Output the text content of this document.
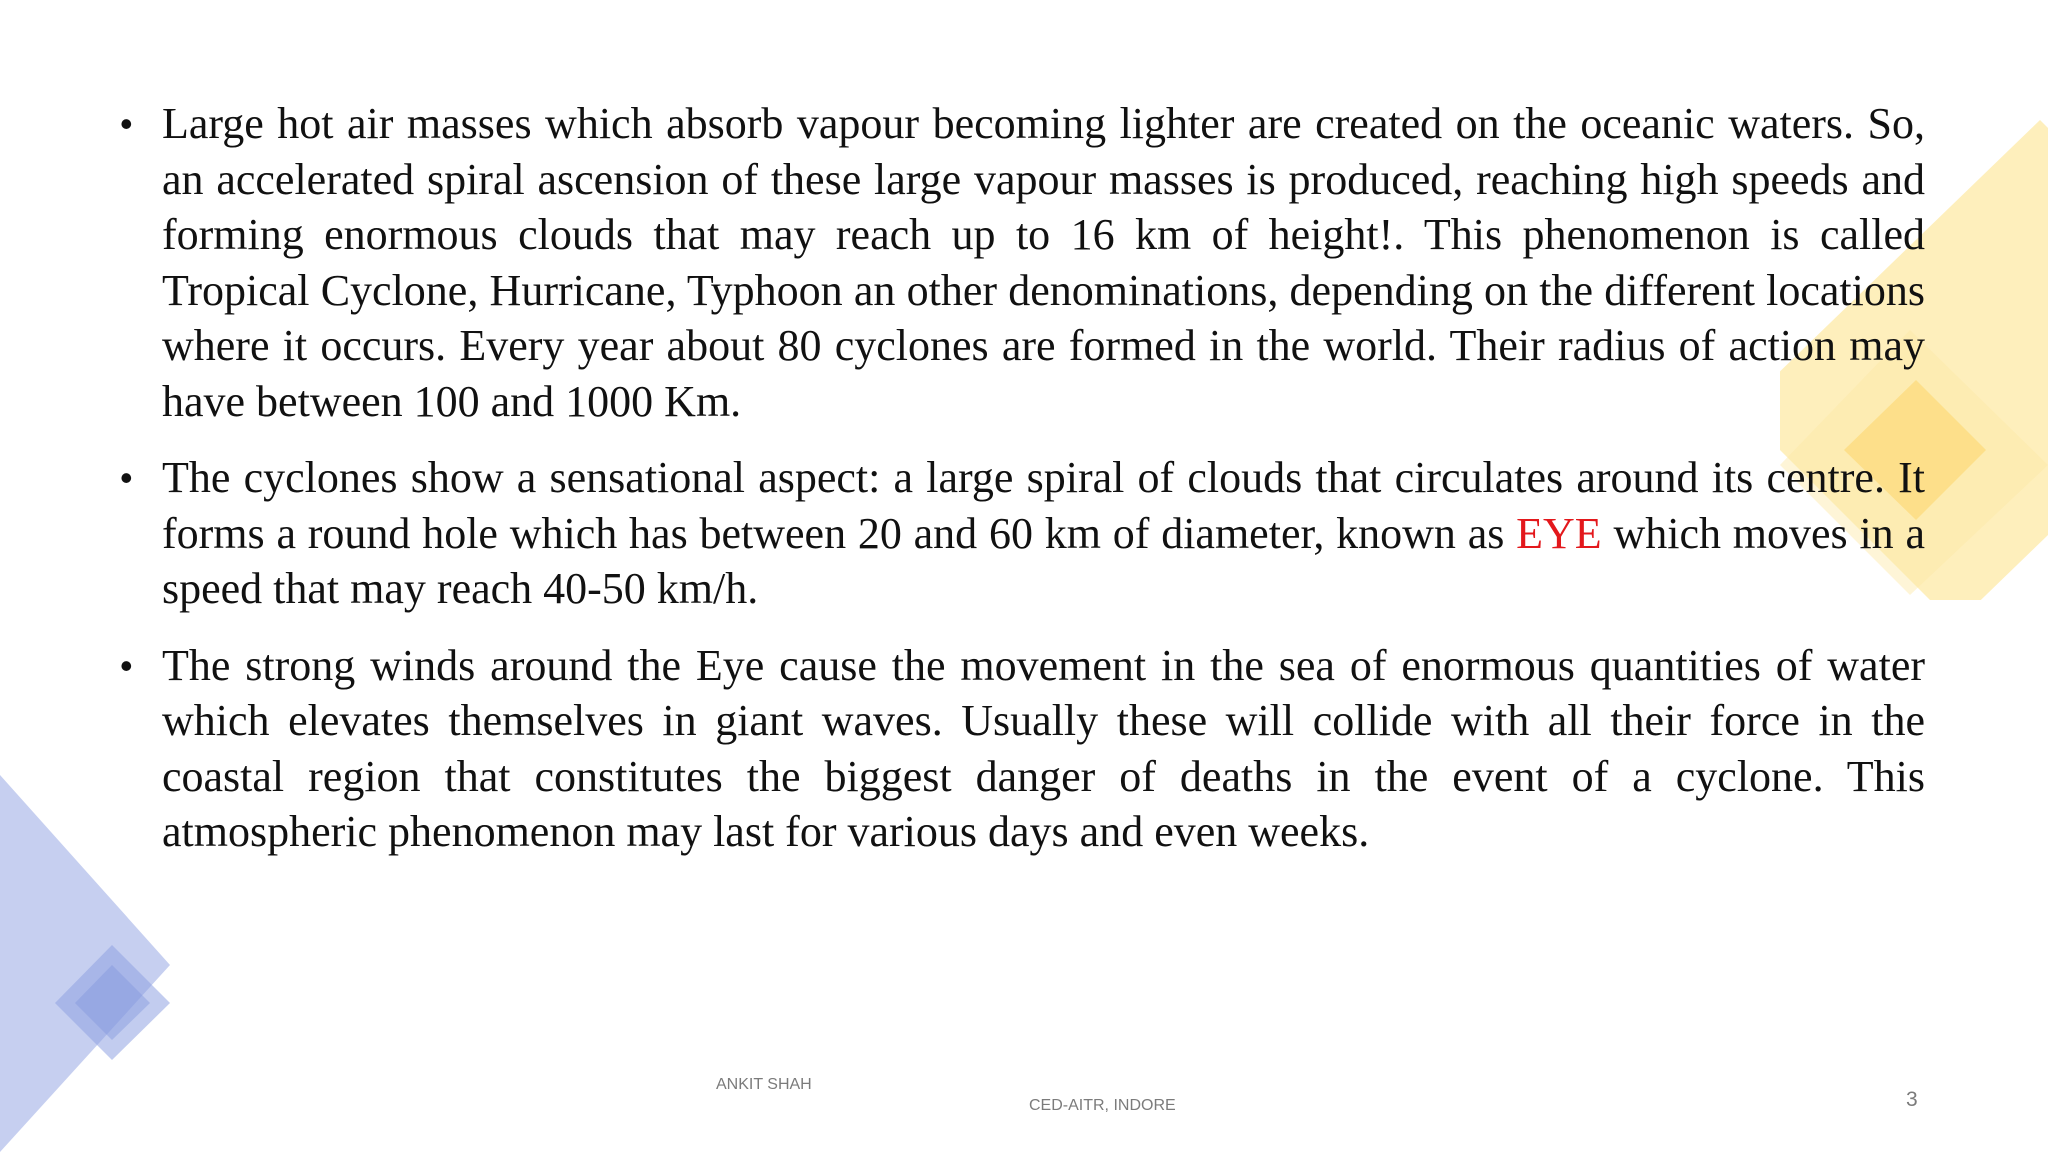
• Large hot air masses which absorb vapour becoming lighter are created on the oceanic waters. So, an accelerated spiral ascension of these large vapour masses is produced, reaching high speeds and forming enormous clouds that may reach up to 16 km of height!. This phenomenon is called Tropical Cyclone, Hurricane, Typhoon an other denominations, depending on the different locations where it occurs. Every year about 80 cyclones are formed in the world. Their radius of action may have between 100 and 1000 Km.
• The cyclones show a sensational aspect: a large spiral of clouds that circulates around its centre. It forms a round hole which has between 20 and 60 km of diameter, known as EYE which moves in a speed that may reach 40-50 km/h.
• The strong winds around the Eye cause the movement in the sea of enormous quantities of water which elevates themselves in giant waves. Usually these will collide with all their force in the coastal region that constitutes the biggest danger of deaths in the event of a cyclone. This atmospheric phenomenon may last for various days and even weeks.
ANKIT SHAH
CED-AITR, INDORE	3
